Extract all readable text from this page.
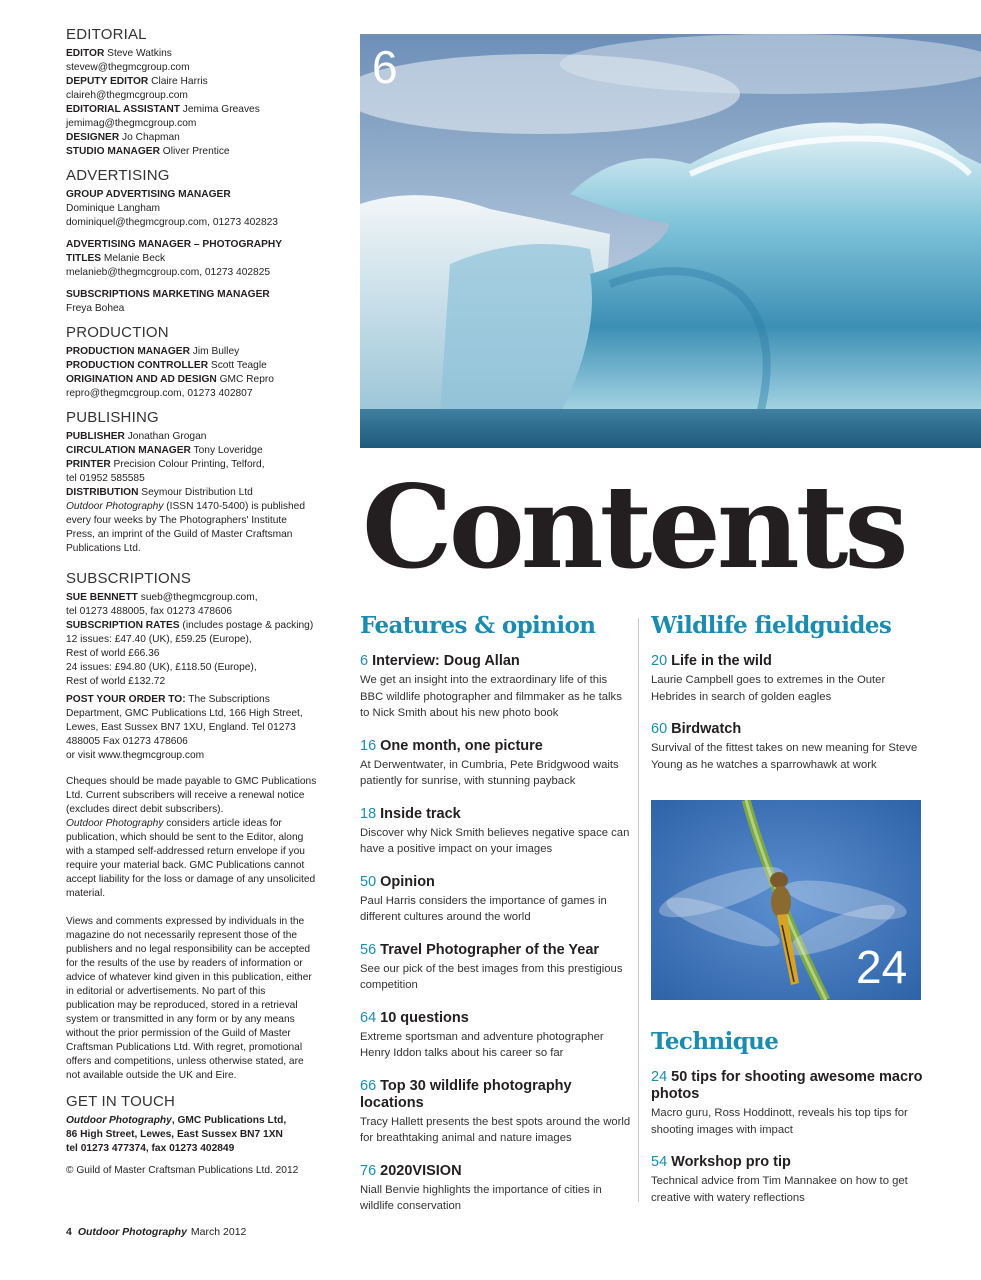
EDITORIAL
EDITOR Steve Watkins
stevew@thegmcgroup.com
DEPUTY EDITOR Claire Harris
claireh@thegmcgroup.com
EDITORIAL ASSISTANT Jemima Greaves
jemimag@thegmcgroup.com
DESIGNER Jo Chapman
STUDIO MANAGER Oliver Prentice
ADVERTISING
GROUP ADVERTISING MANAGER
Dominique Langham
dominiquel@thegmcgroup.com, 01273 402823
ADVERTISING MANAGER – PHOTOGRAPHY
TITLES Melanie Beck
melanieb@thegmcgroup.com, 01273 402825
SUBSCRIPTIONS MARKETING MANAGER
Freya Bohea
PRODUCTION
PRODUCTION MANAGER Jim Bulley
PRODUCTION CONTROLLER Scott Teagle
ORIGINATION AND AD DESIGN GMC Repro
repro@thegmcgroup.com, 01273 402807
PUBLISHING
PUBLISHER Jonathan Grogan
CIRCULATION MANAGER Tony Loveridge
PRINTER Precision Colour Printing, Telford,
tel 01952 585585
DISTRIBUTION Seymour Distribution Ltd
Outdoor Photography (ISSN 1470-5400) is published
every four weeks by The Photographers' Institute
Press, an imprint of the Guild of Master Craftsman
Publications Ltd.
SUBSCRIPTIONS
SUE BENNETT sueb@thegmcgroup.com,
tel 01273 488005, fax 01273 478606
SUBSCRIPTION RATES (includes postage & packing)
12 issues: £47.40 (UK), £59.25 (Europe),
Rest of world £66.36
24 issues: £94.80 (UK), £118.50 (Europe),
Rest of world £132.72
POST YOUR ORDER TO: The Subscriptions
Department, GMC Publications Ltd, 166 High Street,
Lewes, East Sussex BN7 1XU, England. Tel 01273
488005 Fax 01273 478606
or visit www.thegmcgroup.com
Cheques should be made payable to GMC Publications
Ltd. Current subscribers will receive a renewal notice
(excludes direct debit subscribers).
Outdoor Photography considers article ideas for
publication, which should be sent to the Editor, along
with a stamped self-addressed return envelope if you
require your material back. GMC Publications cannot
accept liability for the loss or damage of any unsolicited
material.
Views and comments expressed by individuals in the
magazine do not necessarily represent those of the
publishers and no legal responsibility can be accepted
for the results of the use by readers of information or
advice of whatever kind given in this publication, either
in editorial or advertisements. No part of this
publication may be reproduced, stored in a retrieval
system or transmitted in any form or by any means
without the prior permission of the Guild of Master
Craftsman Publications Ltd. With regret, promotional
offers and competitions, unless otherwise stated, are
not available outside the UK and Eire.
GET IN TOUCH
Outdoor Photography, GMC Publications Ltd,
86 High Street, Lewes, East Sussex BN7 1XN
tel 01273 477374, fax 01273 402849
© Guild of Master Craftsman Publications Ltd. 2012
6
Contents
Features & opinion
6 Interview: Doug Allan
We get an insight into the extraordinary life of this BBC wildlife photographer and filmmaker as he talks to Nick Smith about his new photo book
16 One month, one picture
At Derwentwater, in Cumbria, Pete Bridgwood waits patiently for sunrise, with stunning payback
18 Inside track
Discover why Nick Smith believes negative space can have a positive impact on your images
50 Opinion
Paul Harris considers the importance of games in different cultures around the world
56 Travel Photographer of the Year
See our pick of the best images from this prestigious competition
64 10 questions
Extreme sportsman and adventure photographer Henry Iddon talks about his career so far
66 Top 30 wildlife photography locations
Tracy Hallett presents the best spots around the world for breathtaking animal and nature images
76 2020VISION
Niall Benvie highlights the importance of cities in wildlife conservation
Wildlife fieldguides
20 Life in the wild
Laurie Campbell goes to extremes in the Outer Hebrides in search of golden eagles
60 Birdwatch
Survival of the fittest takes on new meaning for Steve Young as he watches a sparrowhawk at work
24
Technique
24 50 tips for shooting awesome macro photos
Macro guru, Ross Hoddinott, reveals his top tips for shooting images with impact
54 Workshop pro tip
Technical advice from Tim Mannakee on how to get creative with watery reflections
4 Outdoor Photography March 2012
